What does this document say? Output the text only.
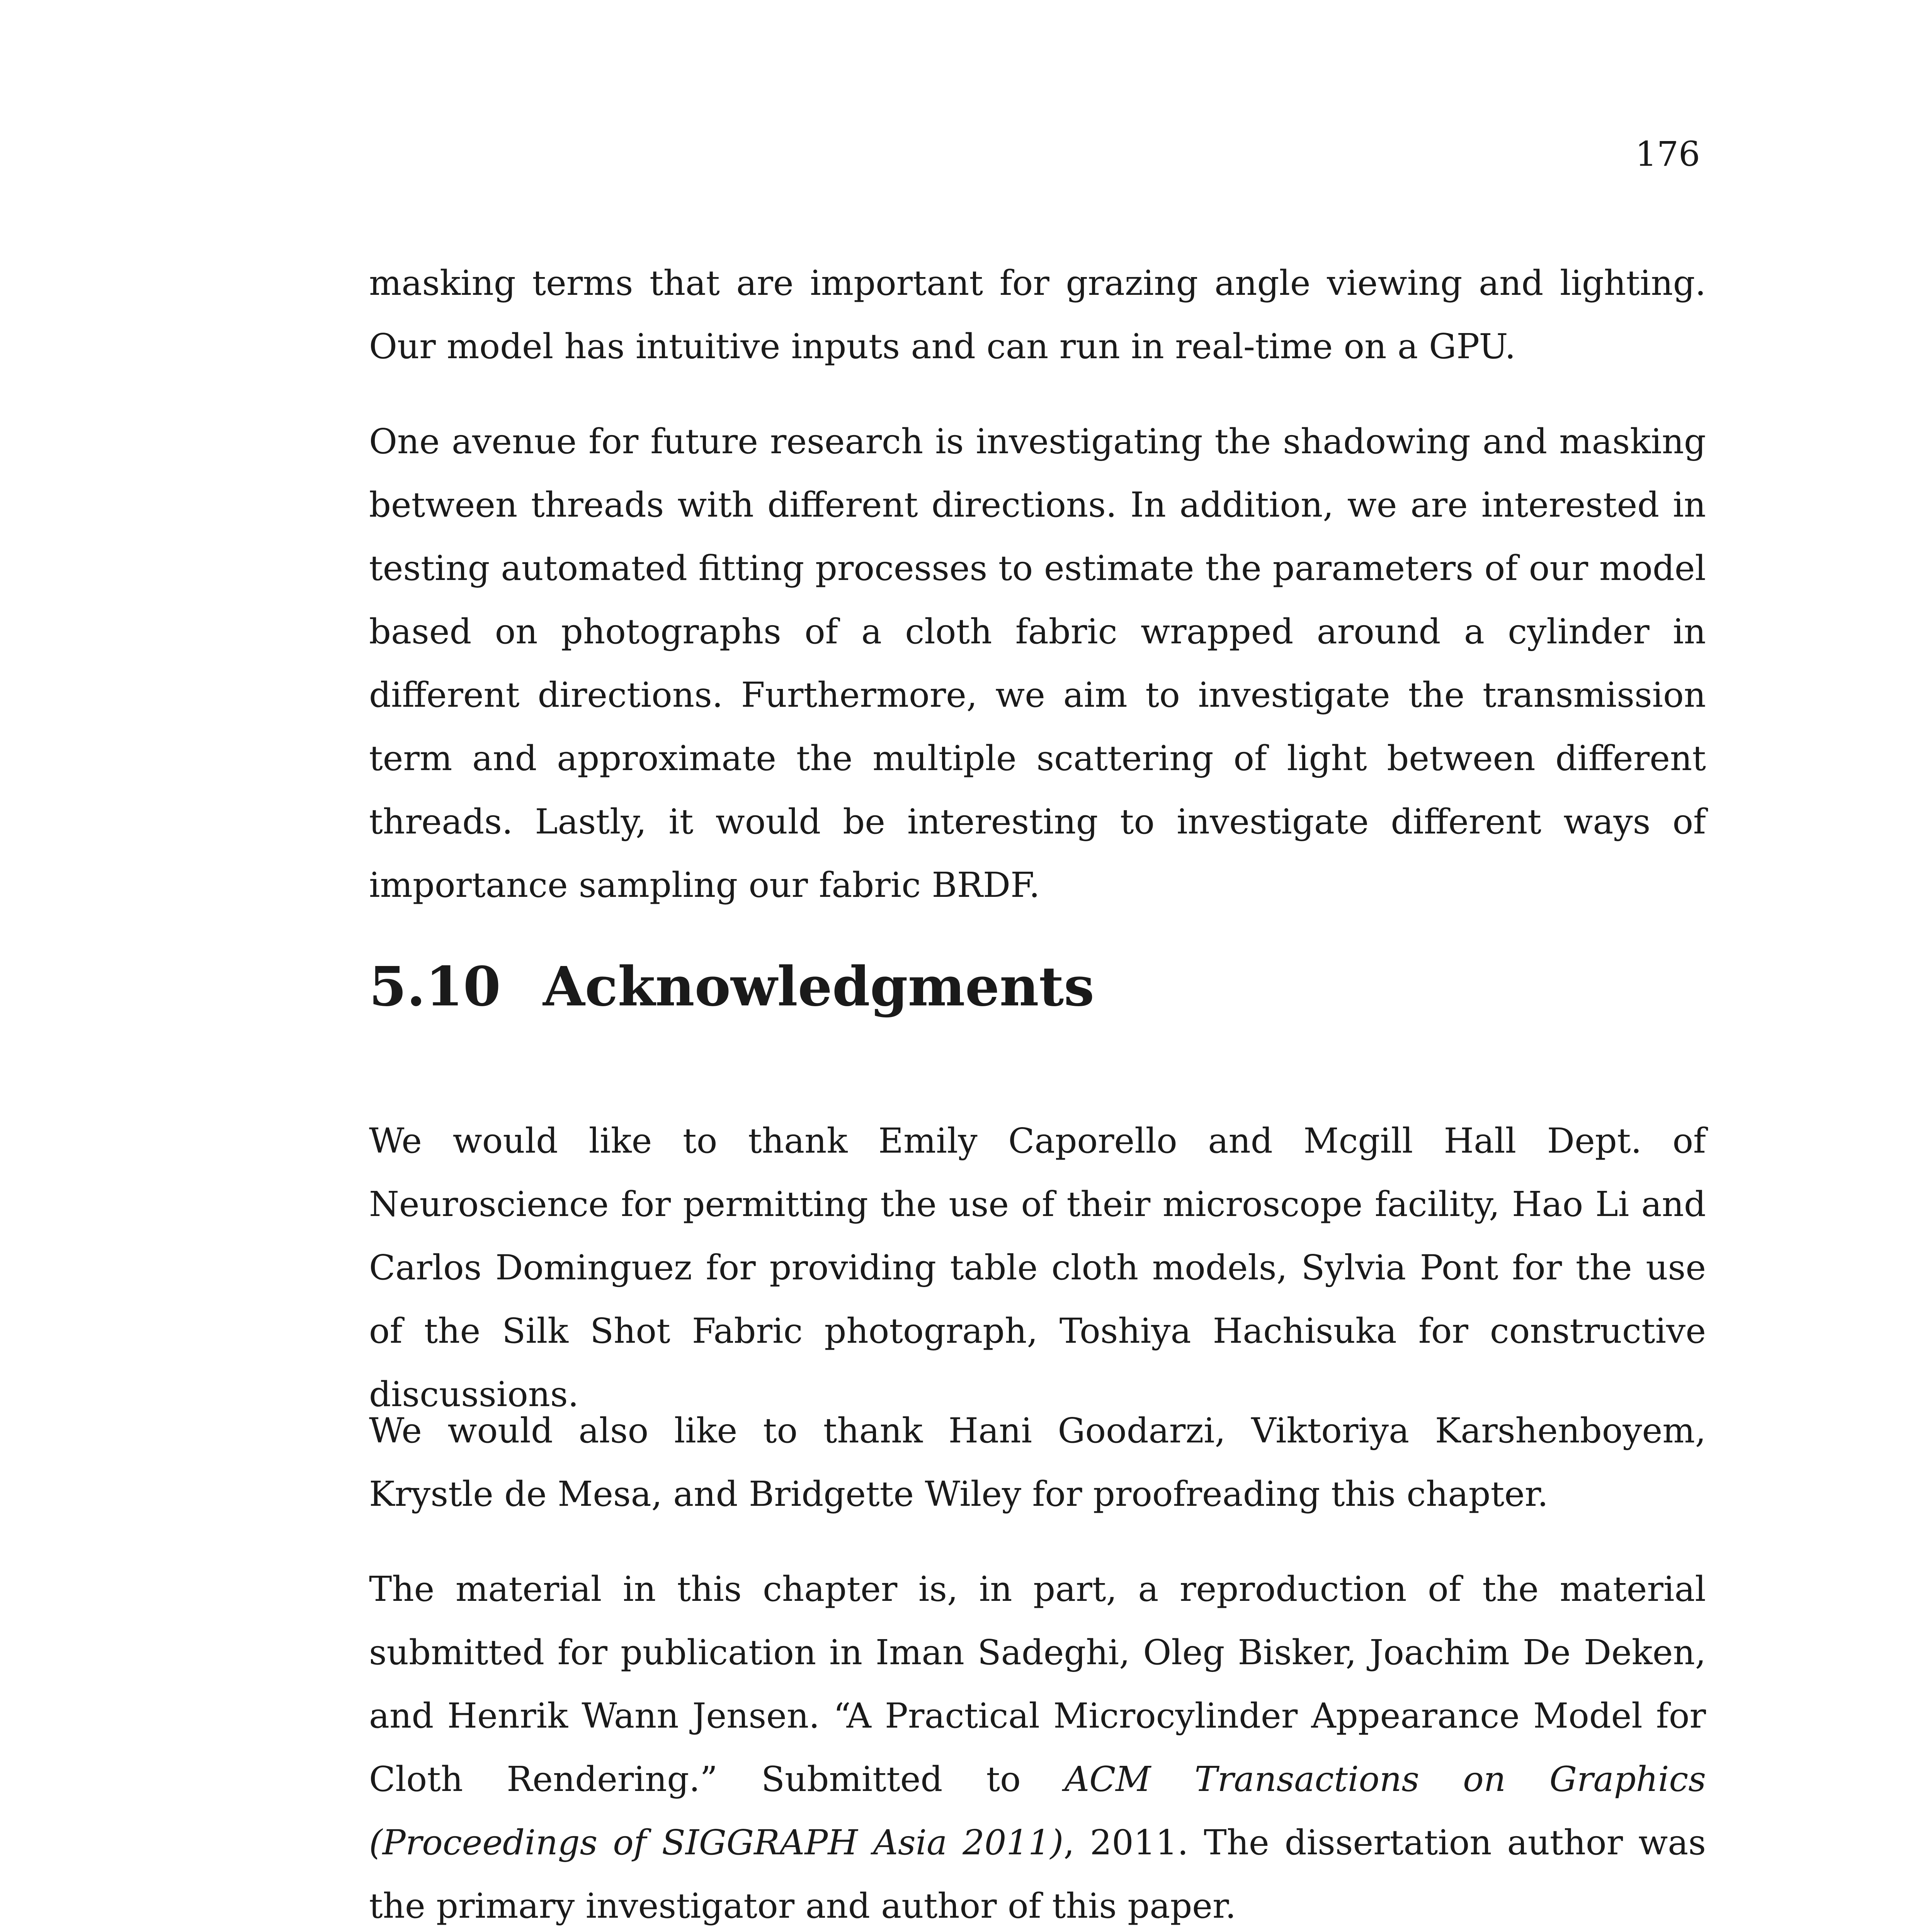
176

masking terms that are important for grazing angle viewing and lighting. Our model has intuitive inputs and can run in real-time on a GPU.

One avenue for future research is investigating the shadowing and masking between threads with different directions. In addition, we are interested in testing automated fitting processes to estimate the parameters of our model based on photographs of a cloth fabric wrapped around a cylinder in different directions. Furthermore, we aim to investigate the transmission term and approximate the multiple scattering of light between different threads. Lastly, it would be interesting to investigate different ways of importance sampling our fabric BRDF.

5.10 Acknowledgments

We would like to thank Emily Caporello and Mcgill Hall Dept. of Neuroscience for permitting the use of their microscope facility, Hao Li and Carlos Dominguez for providing table cloth models, Sylvia Pont for the use of the Silk Shot Fabric photograph, Toshiya Hachisuka for constructive discussions.

We would also like to thank Hani Goodarzi, Viktoriya Karshenboyem, Krystle de Mesa, and Bridgette Wiley for proofreading this chapter.

The material in this chapter is, in part, a reproduction of the material submitted for publication in Iman Sadeghi, Oleg Bisker, Joachim De Deken, and Henrik Wann Jensen. “A Practical Microcylinder Appearance Model for Cloth Rendering.” Submitted to ACM Transactions on Graphics (Proceedings of SIGGRAPH Asia 2011), 2011. The dissertation author was the primary investigator and author of this paper.
